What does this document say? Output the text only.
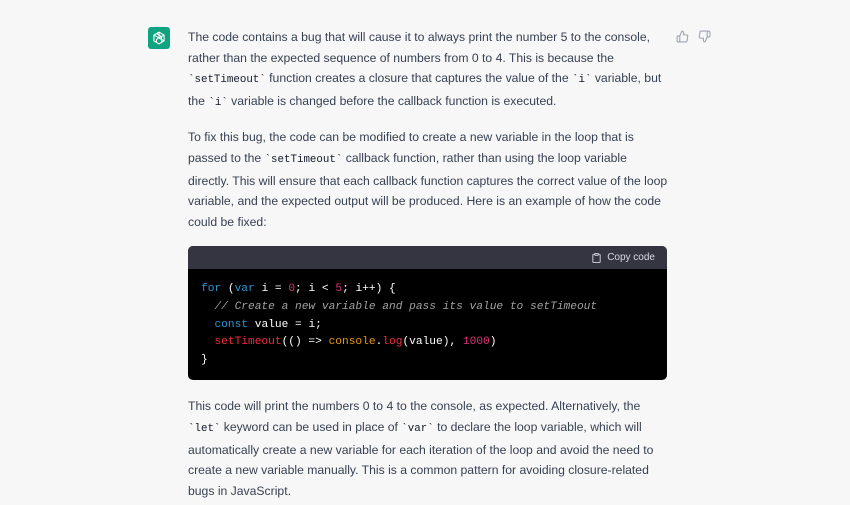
The code contains a bug that will cause it to always print the number 5 to the console, rather than the expected sequence of numbers from 0 to 4. This is because the `setTimeout` function creates a closure that captures the value of the `i` variable, but the `i` variable is changed before the callback function is executed.

To fix this bug, the code can be modified to create a new variable in the loop that is passed to the `setTimeout` callback function, rather than using the loop variable directly. This will ensure that each callback function captures the correct value of the loop variable, and the expected output will be produced. Here is an example of how the code could be fixed:

Copy code
for (var i = 0; i < 5; i++) {
// Create a new variable and pass its value to setTimeout
const value = i;
setTimeout(() => console.log(value), 1000)
}

This code will print the numbers 0 to 4 to the console, as expected. Alternatively, the `let` keyword can be used in place of `var` to declare the loop variable, which will automatically create a new variable for each iteration of the loop and avoid the need to create a new variable manually. This is a common pattern for avoiding closure-related bugs in JavaScript.
